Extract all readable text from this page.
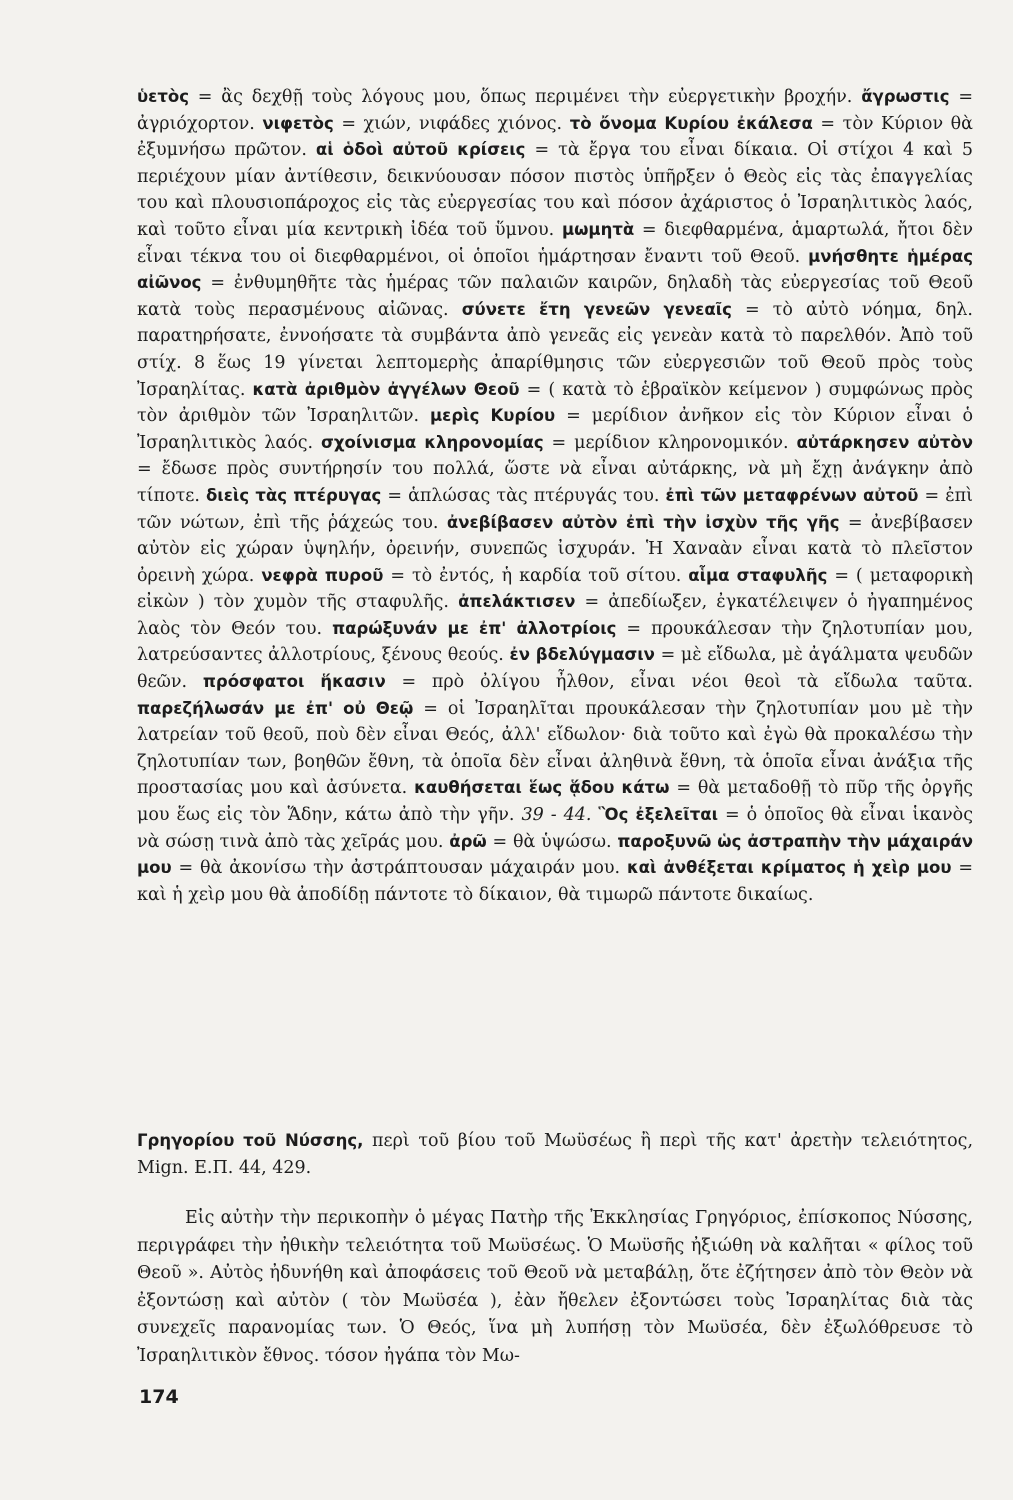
ὑετὸς = ἂς δεχθῇ τοὺς λόγους μου, ὅπως περιμένει τὴν εὐεργετικὴν βροχήν. ἄγρωστις = ἀγριόχορτον. νιφετὸς = χιών, νιφάδες χιόνος. τὸ ὄνομα Κυρίου ἐκάλεσα = τὸν Κύριον θὰ ἐξυμνήσω πρῶτον. αἱ ὁδοὶ αὐτοῦ κρίσεις = τὰ ἔργα του εἶναι δίκαια. Οἱ στίχοι 4 καὶ 5 περιέχουν μίαν ἀντίθεσιν, δεικνύουσαν πόσον πιστὸς ὑπῆρξεν ὁ Θεὸς εἰς τὰς ἐπαγγελίας του καὶ πλουσιοπάροχος εἰς τὰς εὐεργεσίας του καὶ πόσον ἀχάριστος ὁ Ἰσραηλιτικὸς λαός, καὶ τοῦτο εἶναι μία κεντρικὴ ἰδέα τοῦ ὕμνου. μωμητὰ = διεφθαρμένα, ἁμαρτωλά, ἤτοι δὲν εἶναι τέκνα του οἱ διεφθαρμένοι, οἱ ὁποῖοι ἡμάρτησαν ἔναντι τοῦ Θεοῦ. μνήσθητε ἡμέρας αἰῶνος = ἐνθυμηθῆτε τὰς ἡμέρας τῶν παλαιῶν καιρῶν, δηλαδὴ τὰς εὐεργεσίας τοῦ Θεοῦ κατὰ τοὺς περασμένους αἰῶνας. σύνετε ἔτη γενεῶν γενεαῖς = τὸ αὐτὸ νόημα, δηλ. παρατηρήσατε, ἐννοήσατε τὰ συμβάντα ἀπὸ γενεᾶς εἰς γενεὰν κατὰ τὸ παρελθόν. Ἀπὸ τοῦ στίχ. 8 ἕως 19 γίνεται λεπτομερὴς ἀπαρίθμησις τῶν εὐεργεσιῶν τοῦ Θεοῦ πρὸς τοὺς Ἰσραηλίτας. κατὰ ἀριθμὸν ἀγγέλων Θεοῦ = ( κατὰ τὸ ἑβραϊκὸν κείμενον ) συμφώνως πρὸς τὸν ἀριθμὸν τῶν Ἰσραηλιτῶν. μερὶς Κυρίου = μερίδιον ἀνῆκον εἰς τὸν Κύριον εἶναι ὁ Ἰσραηλιτικὸς λαός. σχοίνισμα κληρονομίας = μερίδιον κληρονομικόν. αὐτάρκησεν αὐτὸν = ἔδωσε πρὸς συντήρησίν του πολλά, ὥστε νὰ εἶναι αὐτάρκης, νὰ μὴ ἔχῃ ἀνάγκην ἀπὸ τίποτε. διεὶς τὰς πτέρυγας = ἁπλώσας τὰς πτέρυγάς του. ἐπὶ τῶν μεταφρένων αὐτοῦ = ἐπὶ τῶν νώτων, ἐπὶ τῆς ῥάχεώς του. ἀνεβίβασεν αὐτὸν ἐπὶ τὴν ἰσχὺν τῆς γῆς = ἀνεβίβασεν αὐτὸν εἰς χώραν ὑψηλήν, ὀρεινήν, συνεπῶς ἰσχυράν. Ἡ Χαναὰν εἶναι κατὰ τὸ πλεῖστον ὀρεινὴ χώρα. νεφρὰ πυροῦ = τὸ ἐντός, ἡ καρδία τοῦ σίτου. αἷμα σταφυλῆς = ( μεταφορικὴ εἰκὼν ) τὸν χυμὸν τῆς σταφυλῆς. ἀπελάκτισεν = ἀπεδίωξεν, ἐγκατέλειψεν ὁ ἠγαπημένος λαὸς τὸν Θεόν του. παρώξυνάν με ἐπ' ἀλλοτρίοις = προυκάλεσαν τὴν ζηλοτυπίαν μου, λατρεύσαντες ἀλλοτρίους, ξένους θεούς. ἐν βδελύγμασιν = μὲ εἴδωλα, μὲ ἀγάλματα ψευδῶν θεῶν. πρόσφατοι ἥκασιν = πρὸ ὀλίγου ἦλθον, εἶναι νέοι θεοὶ τὰ εἴδωλα ταῦτα. παρεζήλωσάν με ἐπ' οὐ Θεῷ = οἱ Ἰσραηλῖται προυκάλεσαν τὴν ζηλοτυπίαν μου μὲ τὴν λατρείαν τοῦ θεοῦ, ποὺ δὲν εἶναι Θεός, ἀλλ' εἴδωλον· διὰ τοῦτο καὶ ἐγὼ θὰ προκαλέσω τὴν ζηλοτυπίαν των, βοηθῶν ἔθνη, τὰ ὁποῖα δὲν εἶναι ἀληθινὰ ἔθνη, τὰ ὁποῖα εἶναι ἀνάξια τῆς προστασίας μου καὶ ἀσύνετα. καυθήσεται ἕως ᾅδου κάτω = θὰ μεταδοθῇ τὸ πῦρ τῆς ὀργῆς μου ἕως εἰς τὸν Ἅδην, κάτω ἀπὸ τὴν γῆν. 39 - 44. Ὃς ἐξελεῖται = ὁ ὁποῖος θὰ εἶναι ἱκανὸς νὰ σώσῃ τινὰ ἀπὸ τὰς χεῖράς μου. ἀρῶ = θὰ ὑψώσω. παροξυνῶ ὡς ἀστραπὴν τὴν μάχαιράν μου = θὰ ἀκονίσω τὴν ἀστράπτουσαν μάχαιράν μου. καὶ ἀνθέξεται κρίματος ἡ χεὶρ μου = καὶ ἡ χεὶρ μου θὰ ἀποδίδῃ πάντοτε τὸ δίκαιον, θὰ τιμωρῶ πάντοτε δικαίως.
Γρηγορίου τοῦ Νύσσης, περὶ τοῦ βίου τοῦ Μωϋσέως ἢ περὶ τῆς κατ' ἀρετὴν τελειότητος, Mign. Ε.Π. 44, 429.
Εἰς αὐτὴν τὴν περικοπὴν ὁ μέγας Πατὴρ τῆς Ἐκκλησίας Γρηγόριος, ἐπίσκοπος Νύσσης, περιγράφει τὴν ἠθικὴν τελειότητα τοῦ Μωϋσέως. Ὁ Μωϋσῆς ἠξιώθη νὰ καλῆται « φίλος τοῦ Θεοῦ ». Αὐτὸς ἠδυνήθη καὶ ἀποφάσεις τοῦ Θεοῦ νὰ μεταβάλῃ, ὅτε ἐζήτησεν ἀπὸ τὸν Θεὸν νὰ ἐξοντώσῃ καὶ αὐτὸν ( τὸν Μωϋσέα ), ἐὰν ἤθελεν ἐξοντώσει τοὺς Ἰσραηλίτας διὰ τὰς συνεχεῖς παρανομίας των. Ὁ Θεός, ἵνα μὴ λυπήσῃ τὸν Μωϋσέα, δὲν ἐξωλόθρευσε τὸ Ἰσραηλιτικὸν ἔθνος. τόσον ἠγάπα τὸν Μω-
174
